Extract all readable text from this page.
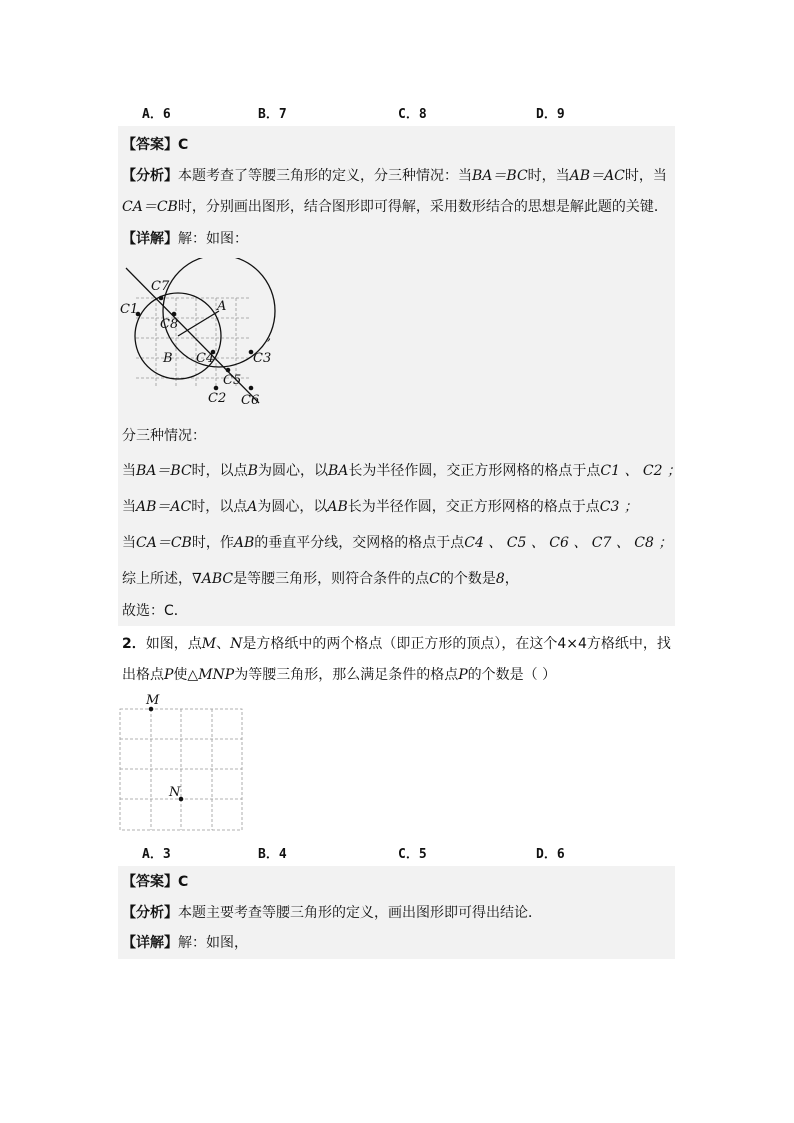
A．6	B．7	C．8	D．9
【答案】C
【分析】本题考查了等腰三角形的定义，分三种情况：当BA＝BC时，当AB＝AC时，当
CA＝CB时，分别画出图形，结合图形即可得解，采用数形结合的思想是解此题的关键．
【详解】解：如图：
C7
C1	A
C8
B C4	C3
C5
C2 C6
,
分三种情况：
当BA＝BC时，以点B为圆心，以BA长为半径作圆，交正方形网格的格点于点C1 、 C2 ；
当AB＝AC时，以点A为圆心，以AB长为半径作圆，交正方形网格的格点于点C3 ；
当CA＝CB时，作AB的垂直平分线，交网格的格点于点C4 、 C5 、 C6 、 C7 、 C8 ；
综上所述，∇ABC是等腰三角形，则符合条件的点C的个数是8，
故选：C．
2．如图，点M、N是方格纸中的两个格点（即正方形的顶点），在这个4×4方格纸中，找
出格点P使△MNP为等腰三角形，那么满足条件的格点P的个数是（ ）
M
N
A．3	B．4	C．5	D．6
【答案】C
【分析】本题主要考查等腰三角形的定义，画出图形即可得出结论．
【详解】解：如图，
